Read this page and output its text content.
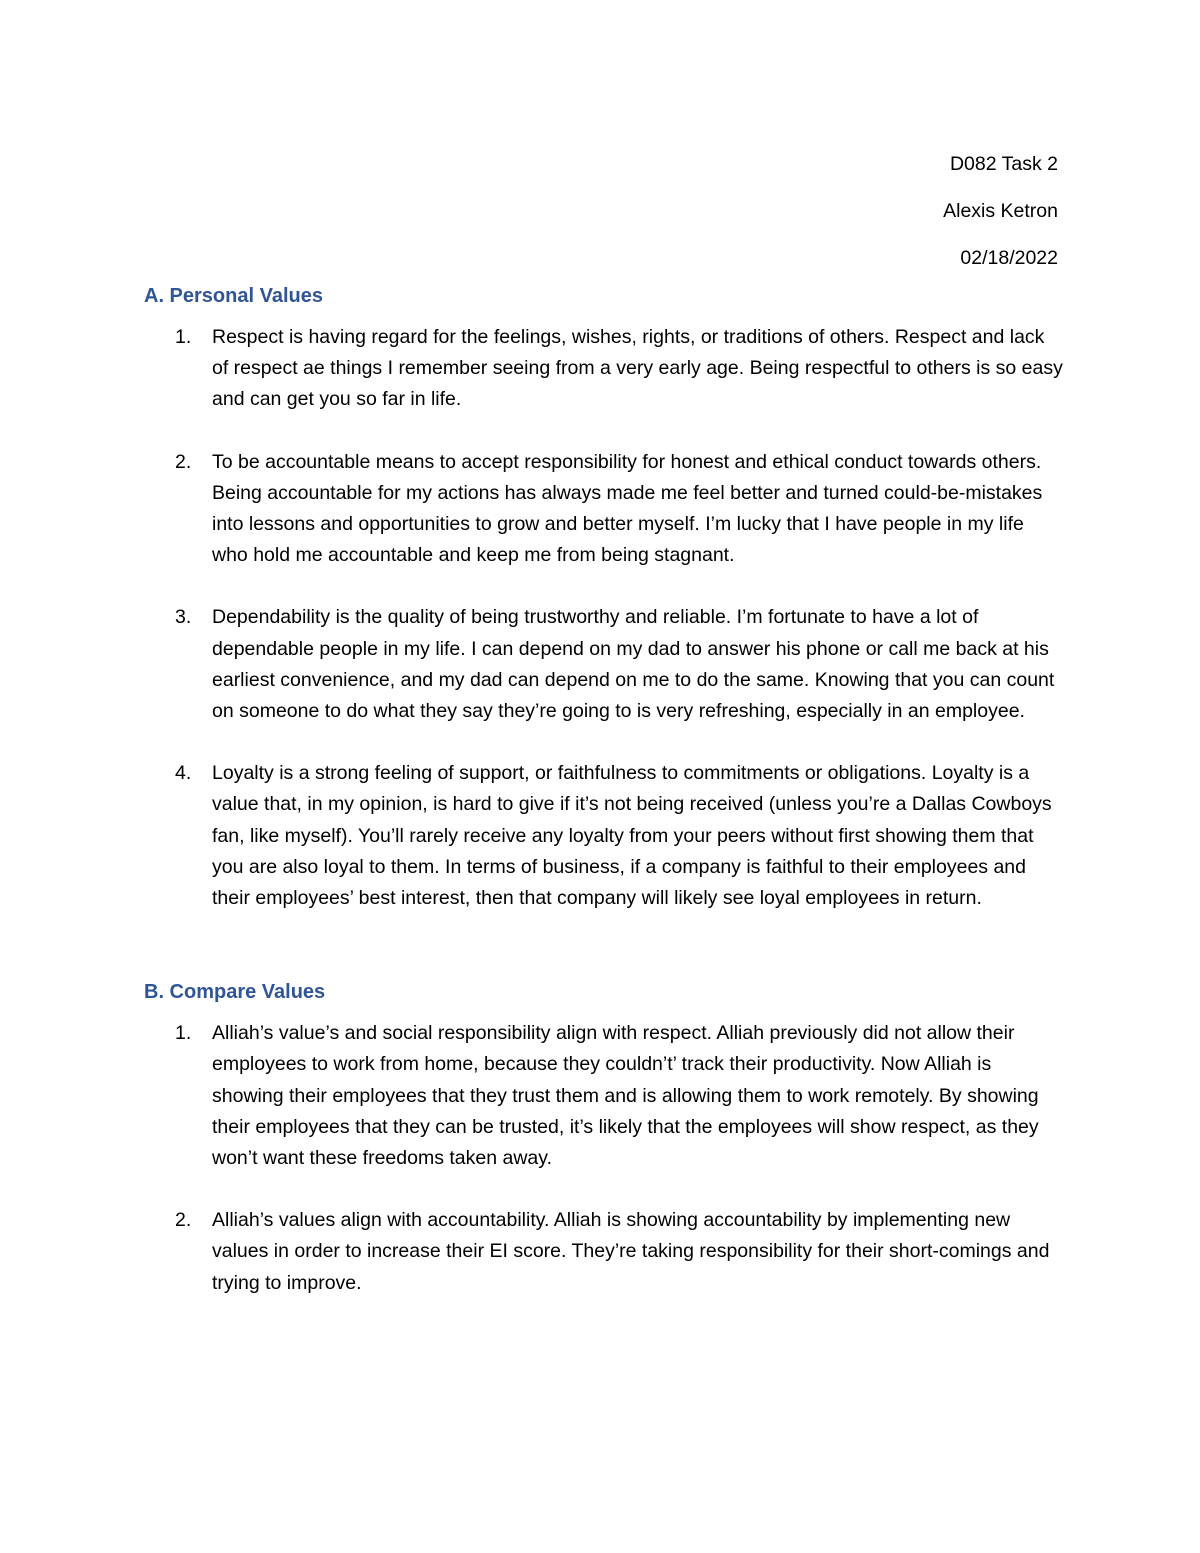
D082 Task 2
Alexis Ketron
02/18/2022
A. Personal Values
1. Respect is having regard for the feelings, wishes, rights, or traditions of others. Respect and lack of respect ae things I remember seeing from a very early age. Being respectful to others is so easy and can get you so far in life.
2. To be accountable means to accept responsibility for honest and ethical conduct towards others. Being accountable for my actions has always made me feel better and turned could-be-mistakes into lessons and opportunities to grow and better myself. I’m lucky that I have people in my life who hold me accountable and keep me from being stagnant.
3. Dependability is the quality of being trustworthy and reliable. I’m fortunate to have a lot of dependable people in my life. I can depend on my dad to answer his phone or call me back at his earliest convenience, and my dad can depend on me to do the same. Knowing that you can count on someone to do what they say they’re going to is very refreshing, especially in an employee.
4. Loyalty is a strong feeling of support, or faithfulness to commitments or obligations. Loyalty is a value that, in my opinion, is hard to give if it’s not being received (unless you’re a Dallas Cowboys fan, like myself). You’ll rarely receive any loyalty from your peers without first showing them that you are also loyal to them. In terms of business, if a company is faithful to their employees and their employees’ best interest, then that company will likely see loyal employees in return.
B. Compare Values
1. Alliah’s value’s and social responsibility align with respect. Alliah previously did not allow their employees to work from home, because they couldn’t’ track their productivity. Now Alliah is showing their employees that they trust them and is allowing them to work remotely. By showing their employees that they can be trusted, it’s likely that the employees will show respect, as they won’t want these freedoms taken away.
2. Alliah’s values align with accountability. Alliah is showing accountability by implementing new values in order to increase their EI score. They’re taking responsibility for their short-comings and trying to improve.
